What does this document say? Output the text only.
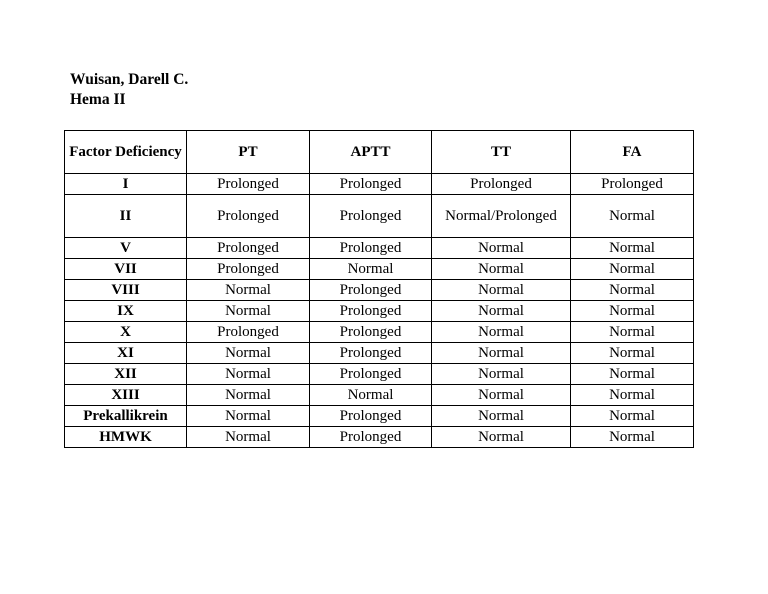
Wuisan, Darell C.
Hema II
Factor Deficiency	PT	APTT	TT	FA
I	Prolonged	Prolonged	Prolonged	Prolonged
II	Prolonged	Prolonged	Normal/Prolonged	Normal
V	Prolonged	Prolonged	Normal	Normal
VII	Prolonged	Normal	Normal	Normal
VIII	Normal	Prolonged	Normal	Normal
IX	Normal	Prolonged	Normal	Normal
X	Prolonged	Prolonged	Normal	Normal
XI	Normal	Prolonged	Normal	Normal
XII	Normal	Prolonged	Normal	Normal
XIII	Normal	Normal	Normal	Normal
Prekallikrein	Normal	Prolonged	Normal	Normal
HMWK	Normal	Prolonged	Normal	Normal
